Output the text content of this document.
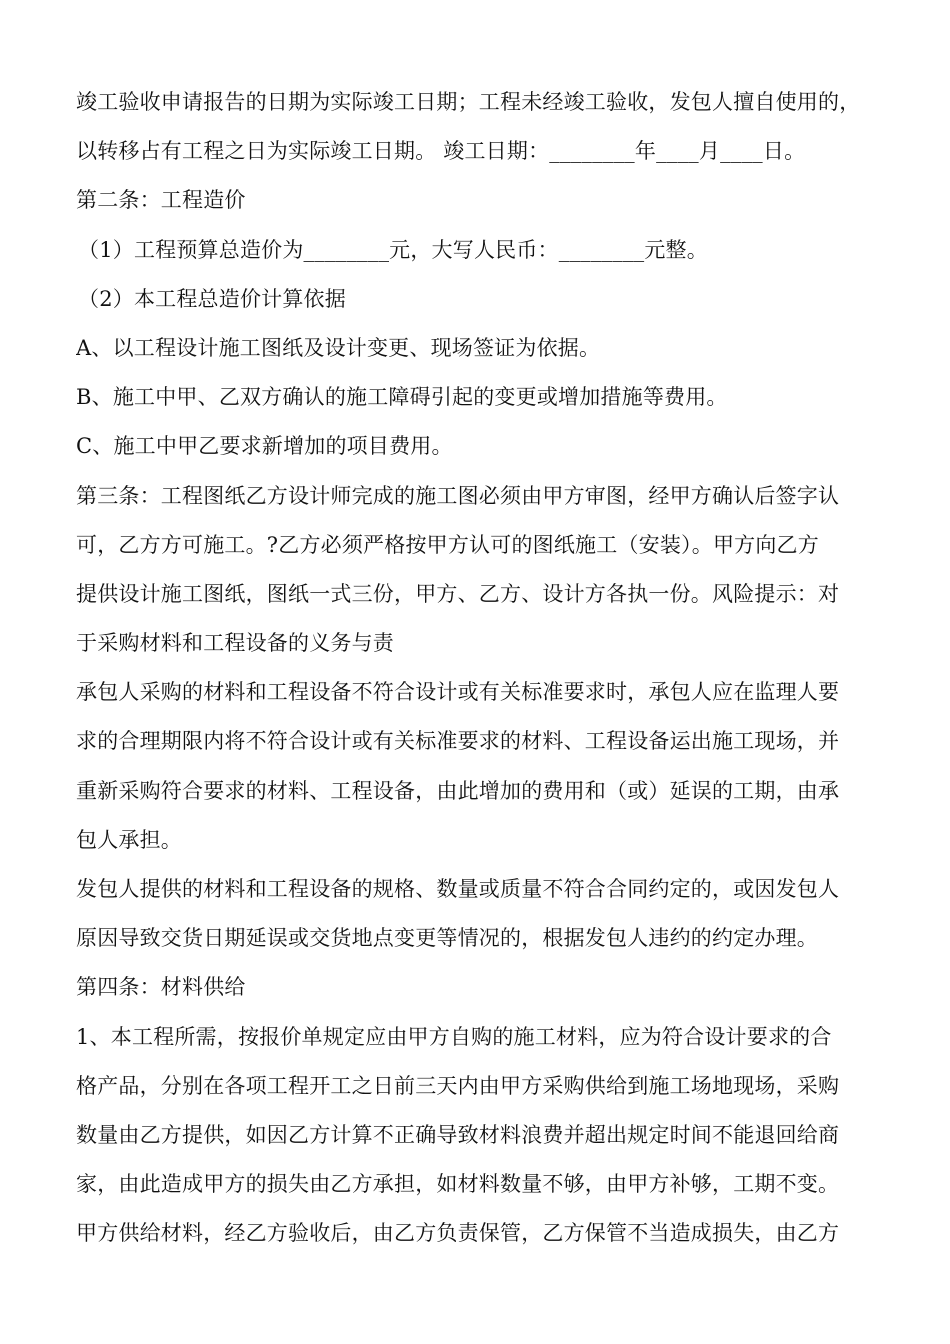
竣工验收申请报告的日期为实际竣工日期；工程未经竣工验收，发包人擅自使用的，
以转移占有工程之日为实际竣工日期。 竣工日期：________年____月____日。
第二条：工程造价
（1）工程预算总造价为________元，大写人民币：________元整。
（2）本工程总造价计算依据
A、以工程设计施工图纸及设计变更、现场签证为依据。
B、施工中甲、乙双方确认的施工障碍引起的变更或增加措施等费用。
C、施工中甲乙要求新增加的项目费用。
第三条：工程图纸乙方设计师完成的施工图必须由甲方审图，经甲方确认后签字认
可，乙方方可施工。?乙方必须严格按甲方认可的图纸施工（安装）。甲方向乙方
提供设计施工图纸，图纸一式三份，甲方、乙方、设计方各执一份。风险提示：对
于采购材料和工程设备的义务与责
承包人采购的材料和工程设备不符合设计或有关标准要求时，承包人应在监理人要
求的合理期限内将不符合设计或有关标准要求的材料、工程设备运出施工现场，并
重新采购符合要求的材料、工程设备，由此增加的费用和（或）延误的工期，由承
包人承担。
发包人提供的材料和工程设备的规格、数量或质量不符合合同约定的，或因发包人
原因导致交货日期延误或交货地点变更等情况的，根据发包人违约的约定办理。
第四条：材料供给
1、本工程所需，按报价单规定应由甲方自购的施工材料，应为符合设计要求的合
格产品，分别在各项工程开工之日前三天内由甲方采购供给到施工场地现场，采购
数量由乙方提供，如因乙方计算不正确导致材料浪费并超出规定时间不能退回给商
家，由此造成甲方的损失由乙方承担，如材料数量不够，由甲方补够，工期不变。
甲方供给材料，经乙方验收后，由乙方负责保管，乙方保管不当造成损失，由乙方
